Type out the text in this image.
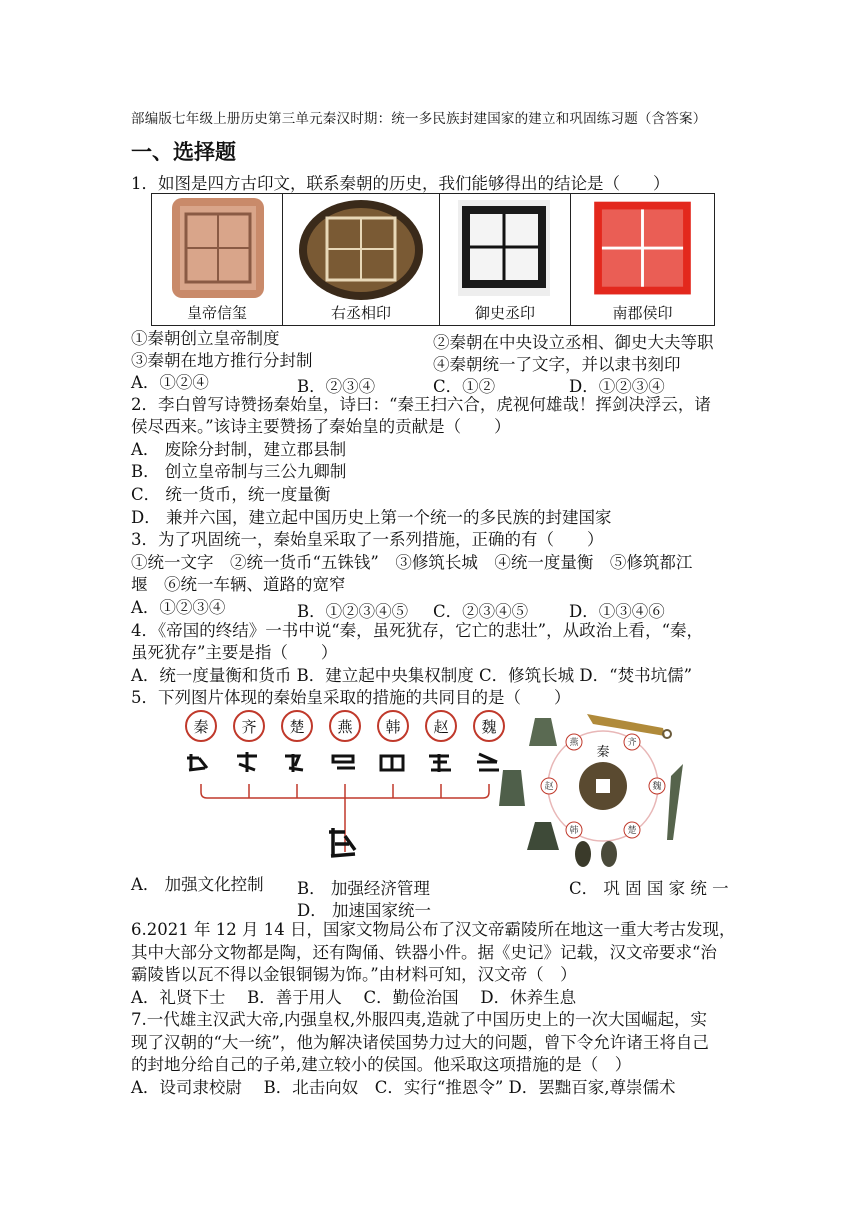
部编版七年级上册历史第三单元秦汉时期：统一多民族封建国家的建立和巩固练习题（含答案）
一、选择题
1．如图是四方古印文，联系秦朝的历史，我们能够得出的结论是（　　）
皇帝信玺	右丞相印	御史丞印	南郡侯印
①秦朝创立皇帝制度	②秦朝在中央设立丞相、御史大夫等职
③秦朝在地方推行分封制	④秦朝统一了文字，并以隶书刻印
A．①②④	B．②③④	C．①②	D．①②③④
2．李白曾写诗赞扬秦始皇，诗曰：“秦王扫六合，虎视何雄哉！挥剑决浮云，诸
侯尽西来。”该诗主要赞扬了秦始皇的贡献是（　　）
A． 废除分封制，建立郡县制
B． 创立皇帝制与三公九卿制
C． 统一货币，统一度量衡
D． 兼并六国，建立起中国历史上第一个统一的多民族的封建国家
3．为了巩固统一，秦始皇采取了一系列措施，正确的有（　　）
①统一文字　②统一货币“五铢钱”　③修筑长城　④统一度量衡　⑤修筑都江
堰　⑥统一车辆、道路的宽窄
A．①②③④	B．①②③④⑤ C．②③④⑤ D．①③④⑥
4．《帝国的终结》一书中说“秦，虽死犹存，它亡的悲壮”，从政治上看，“秦，
虽死犹存”主要是指（　　）
A．统一度量衡和货币 B．建立起中央集权制度 C．修筑长城 D．“焚书坑儒”
5．下列图片体现的秦始皇采取的措施的共同目的是（　　）
秦 齐 楚 燕 韩 赵 魏
秦
燕	齐
赵	魏
韩	楚
A． 加强文化控制 B． 加强经济管理	C． 巩 固 国 家 统 一
D． 加速国家统一
6.2021 年 12 月 14 日，国家文物局公布了汉文帝霸陵所在地这一重大考古发现，
其中大部分文物都是陶，还有陶俑、铁器小件。据《史记》记载，汉文帝要求“治
霸陵皆以瓦不得以金银铜锡为饰。”由材料可知，汉文帝（　）
A．礼贤下士　 B．善于用人　 C．勤俭治国　 D．休养生息
7.一代雄主汉武大帝,内强皇权,外服四夷,造就了中国历史上的一次大国崛起，实
现了汉朝的“大一统”，他为解决诸侯国势力过大的问题，曾下令允许诸王将自己
的封地分给自己的子弟,建立较小的侯国。他采取这项措施的是（　）
A．设司隶校尉　 B．北击向奴　C．实行“推恩令” D．罢黜百家,尊崇儒术
